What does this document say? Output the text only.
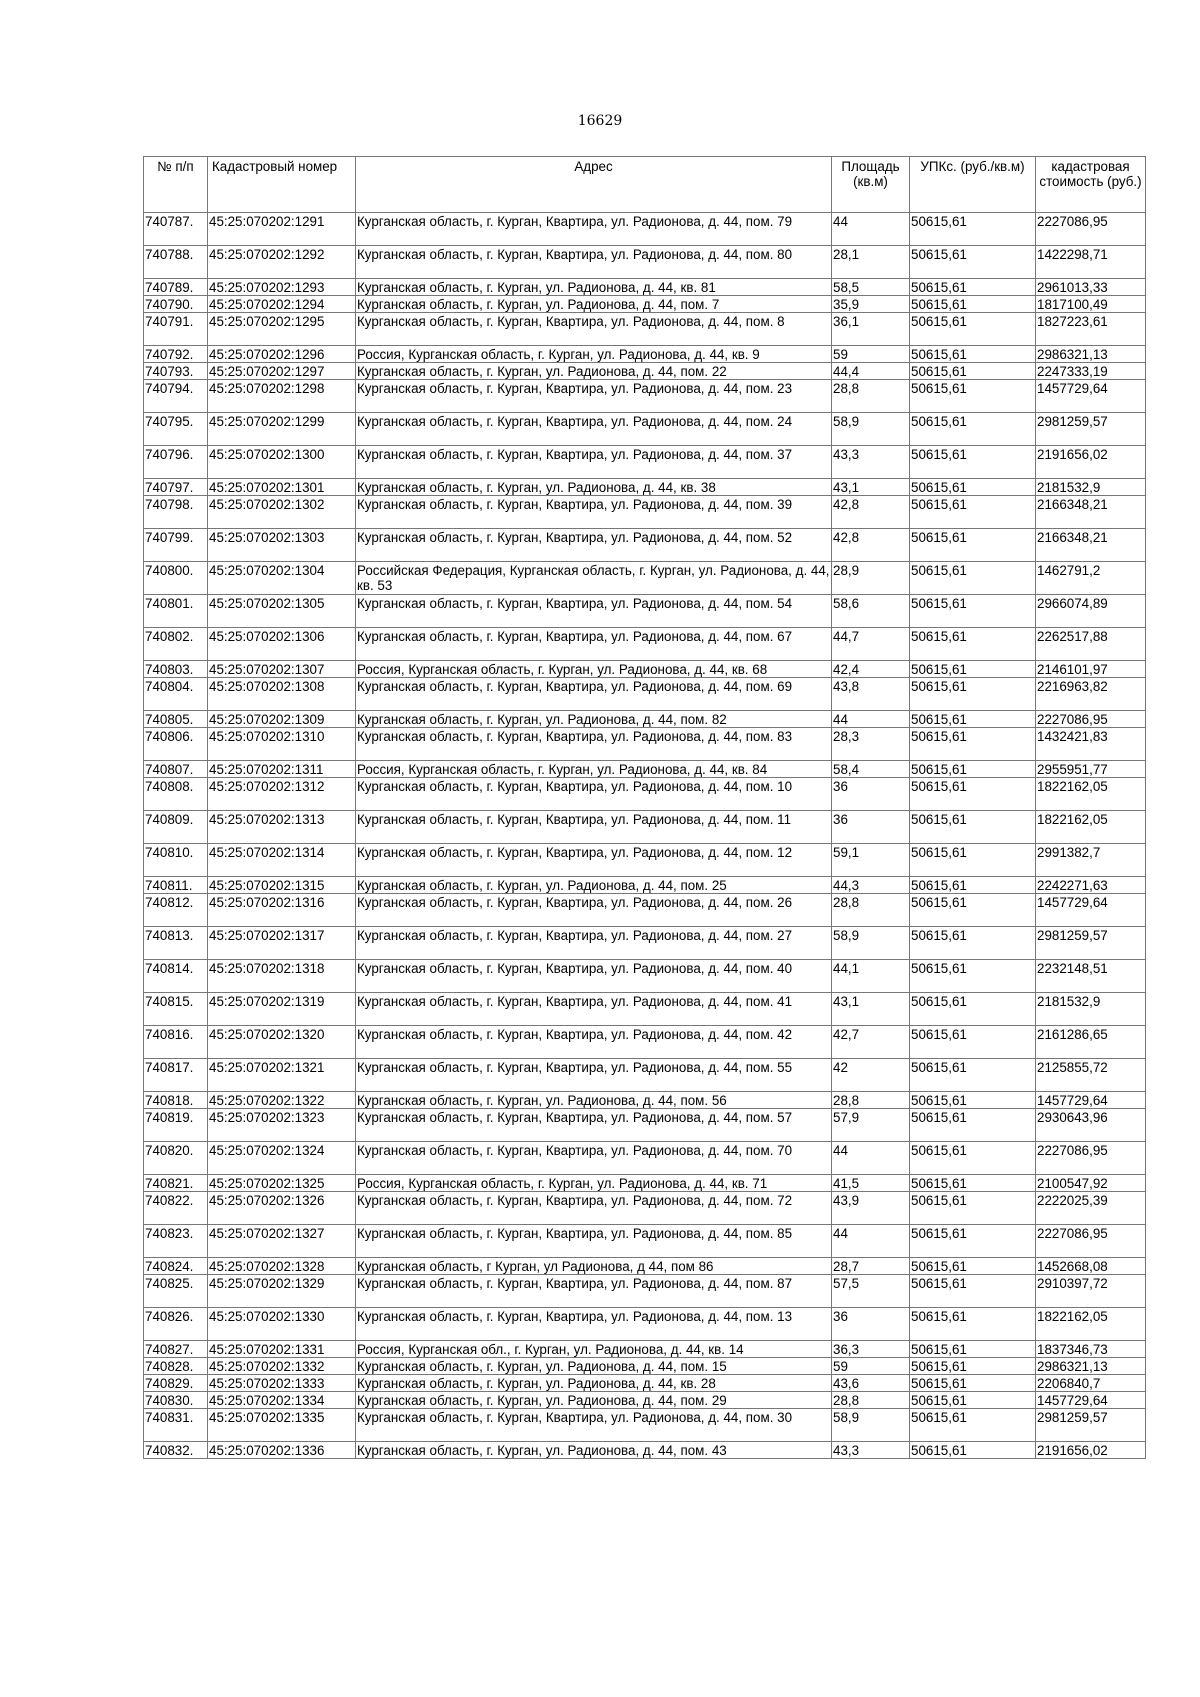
16629
№ п/п	Кадастровый номер	Адрес	Площадь (кв.м)	УПКс. (руб./кв.м)	кадастровая стоимость (руб.)
740787.	45:25:070202:1291	Курганская область, г. Курган, Квартира, ул. Радионова, д. 44, пом. 79	44	50615,61	2227086,95
740788.	45:25:070202:1292	Курганская область, г. Курган, Квартира, ул. Радионова, д. 44, пом. 80	28,1	50615,61	1422298,71
740789.	45:25:070202:1293	Курганская область, г. Курган, ул. Радионова, д. 44, кв. 81	58,5	50615,61	2961013,33
740790.	45:25:070202:1294	Курганская область, г. Курган, ул. Радионова, д. 44, пом. 7	35,9	50615,61	1817100,49
740791.	45:25:070202:1295	Курганская область, г. Курган, Квартира, ул. Радионова, д. 44, пом. 8	36,1	50615,61	1827223,61
740792.	45:25:070202:1296	Россия, Курганская область, г. Курган, ул. Радионова, д. 44, кв. 9	59	50615,61	2986321,13
740793.	45:25:070202:1297	Курганская область, г. Курган, ул. Радионова, д. 44, пом. 22	44,4	50615,61	2247333,19
740794.	45:25:070202:1298	Курганская область, г. Курган, Квартира, ул. Радионова, д. 44, пом. 23	28,8	50615,61	1457729,64
740795.	45:25:070202:1299	Курганская область, г. Курган, Квартира, ул. Радионова, д. 44, пом. 24	58,9	50615,61	2981259,57
740796.	45:25:070202:1300	Курганская область, г. Курган, Квартира, ул. Радионова, д. 44, пом. 37	43,3	50615,61	2191656,02
740797.	45:25:070202:1301	Курганская область, г. Курган, ул. Радионова, д. 44, кв. 38	43,1	50615,61	2181532,9
740798.	45:25:070202:1302	Курганская область, г. Курган, Квартира, ул. Радионова, д. 44, пом. 39	42,8	50615,61	2166348,21
740799.	45:25:070202:1303	Курганская область, г. Курган, Квартира, ул. Радионова, д. 44, пом. 52	42,8	50615,61	2166348,21
740800.	45:25:070202:1304	Российская Федерация, Курганская область, г. Курган, ул. Радионова, д. 44, кв. 53	28,9	50615,61	1462791,2
740801.	45:25:070202:1305	Курганская область, г. Курган, Квартира, ул. Радионова, д. 44, пом. 54	58,6	50615,61	2966074,89
740802.	45:25:070202:1306	Курганская область, г. Курган, Квартира, ул. Радионова, д. 44, пом. 67	44,7	50615,61	2262517,88
740803.	45:25:070202:1307	Россия, Курганская область, г. Курган, ул. Радионова, д. 44, кв. 68	42,4	50615,61	2146101,97
740804.	45:25:070202:1308	Курганская область, г. Курган, Квартира, ул. Радионова, д. 44, пом. 69	43,8	50615,61	2216963,82
740805.	45:25:070202:1309	Курганская область, г. Курган, ул. Радионова, д. 44, пом. 82	44	50615,61	2227086,95
740806.	45:25:070202:1310	Курганская область, г. Курган, Квартира, ул. Радионова, д. 44, пом. 83	28,3	50615,61	1432421,83
740807.	45:25:070202:1311	Россия, Курганская область, г. Курган, ул. Радионова, д. 44, кв. 84	58,4	50615,61	2955951,77
740808.	45:25:070202:1312	Курганская область, г. Курган, Квартира, ул. Радионова, д. 44, пом. 10	36	50615,61	1822162,05
740809.	45:25:070202:1313	Курганская область, г. Курган, Квартира, ул. Радионова, д. 44, пом. 11	36	50615,61	1822162,05
740810.	45:25:070202:1314	Курганская область, г. Курган, Квартира, ул. Радионова, д. 44, пом. 12	59,1	50615,61	2991382,7
740811.	45:25:070202:1315	Курганская область, г. Курган, ул. Радионова, д. 44, пом. 25	44,3	50615,61	2242271,63
740812.	45:25:070202:1316	Курганская область, г. Курган, Квартира, ул. Радионова, д. 44, пом. 26	28,8	50615,61	1457729,64
740813.	45:25:070202:1317	Курганская область, г. Курган, Квартира, ул. Радионова, д. 44, пом. 27	58,9	50615,61	2981259,57
740814.	45:25:070202:1318	Курганская область, г. Курган, Квартира, ул. Радионова, д. 44, пом. 40	44,1	50615,61	2232148,51
740815.	45:25:070202:1319	Курганская область, г. Курган, Квартира, ул. Радионова, д. 44, пом. 41	43,1	50615,61	2181532,9
740816.	45:25:070202:1320	Курганская область, г. Курган, Квартира, ул. Радионова, д. 44, пом. 42	42,7	50615,61	2161286,65
740817.	45:25:070202:1321	Курганская область, г. Курган, Квартира, ул. Радионова, д. 44, пом. 55	42	50615,61	2125855,72
740818.	45:25:070202:1322	Курганская область, г. Курган, ул. Радионова, д. 44, пом. 56	28,8	50615,61	1457729,64
740819.	45:25:070202:1323	Курганская область, г. Курган, Квартира, ул. Радионова, д. 44, пом. 57	57,9	50615,61	2930643,96
740820.	45:25:070202:1324	Курганская область, г. Курган, Квартира, ул. Радионова, д. 44, пом. 70	44	50615,61	2227086,95
740821.	45:25:070202:1325	Россия, Курганская область, г. Курган, ул. Радионова, д. 44, кв. 71	41,5	50615,61	2100547,92
740822.	45:25:070202:1326	Курганская область, г. Курган, Квартира, ул. Радионова, д. 44, пом. 72	43,9	50615,61	2222025,39
740823.	45:25:070202:1327	Курганская область, г. Курган, Квартира, ул. Радионова, д. 44, пом. 85	44	50615,61	2227086,95
740824.	45:25:070202:1328	Курганская область, г Курган, ул Радионова, д 44, пом 86	28,7	50615,61	1452668,08
740825.	45:25:070202:1329	Курганская область, г. Курган, Квартира, ул. Радионова, д. 44, пом. 87	57,5	50615,61	2910397,72
740826.	45:25:070202:1330	Курганская область, г. Курган, Квартира, ул. Радионова, д. 44, пом. 13	36	50615,61	1822162,05
740827.	45:25:070202:1331	Россия, Курганская обл., г. Курган, ул. Радионова, д. 44, кв. 14	36,3	50615,61	1837346,73
740828.	45:25:070202:1332	Курганская область, г. Курган, ул. Радионова, д. 44, пом. 15	59	50615,61	2986321,13
740829.	45:25:070202:1333	Курганская область, г. Курган, ул. Радионова, д. 44, кв. 28	43,6	50615,61	2206840,7
740830.	45:25:070202:1334	Курганская область, г. Курган, ул. Радионова, д. 44, пом. 29	28,8	50615,61	1457729,64
740831.	45:25:070202:1335	Курганская область, г. Курган, Квартира, ул. Радионова, д. 44, пом. 30	58,9	50615,61	2981259,57
740832.	45:25:070202:1336	Курганская область, г. Курган, ул. Радионова, д. 44, пом. 43	43,3	50615,61	2191656,02
